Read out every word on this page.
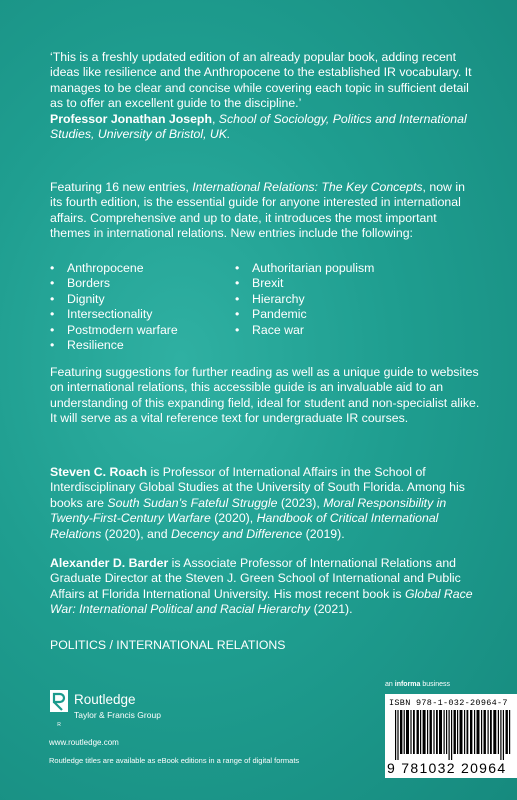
‘This is a freshly updated edition of an already popular book, adding recent ideas like resilience and the Anthropocene to the established IR vocabulary. It manages to be clear and concise while covering each topic in sufficient detail as to offer an excellent guide to the discipline.’
Professor Jonathan Joseph, School of Sociology, Politics and International Studies, University of Bristol, UK.
Featuring 16 new entries, International Relations: The Key Concepts, now in its fourth edition, is the essential guide for anyone interested in international affairs. Comprehensive and up to date, it introduces the most important themes in international relations. New entries include the following:
•	Anthropocene
•	Borders
•	Dignity
•	Intersectionality
•	Postmodern warfare
•	Resilience
•	Authoritarian populism
•	Brexit
•	Hierarchy
•	Pandemic
•	Race war
Featuring suggestions for further reading as well as a unique guide to websites on international relations, this accessible guide is an invaluable aid to an understanding of this expanding field, ideal for student and non-specialist alike. It will serve as a vital reference text for undergraduate IR courses.
Steven C. Roach is Professor of International Affairs in the School of Interdisciplinary Global Studies at the University of South Florida. Among his books are South Sudan’s Fateful Struggle (2023), Moral Responsibility in Twenty-First-Century Warfare (2020), Handbook of Critical International Relations (2020), and Decency and Difference (2019).
Alexander D. Barder is Associate Professor of International Relations and Graduate Director at the Steven J. Green School of International and Public Affairs at Florida International University. His most recent book is Global Race War: International Political and Racial Hierarchy (2021).
POLITICS / INTERNATIONAL RELATIONS
an informa business
R
Routledge
Taylor & Francis Group
www.routledge.com
Routledge titles are available as eBook editions in a range of digital formats
ISBN 978-1-032-20964-7
9 781032 20964
